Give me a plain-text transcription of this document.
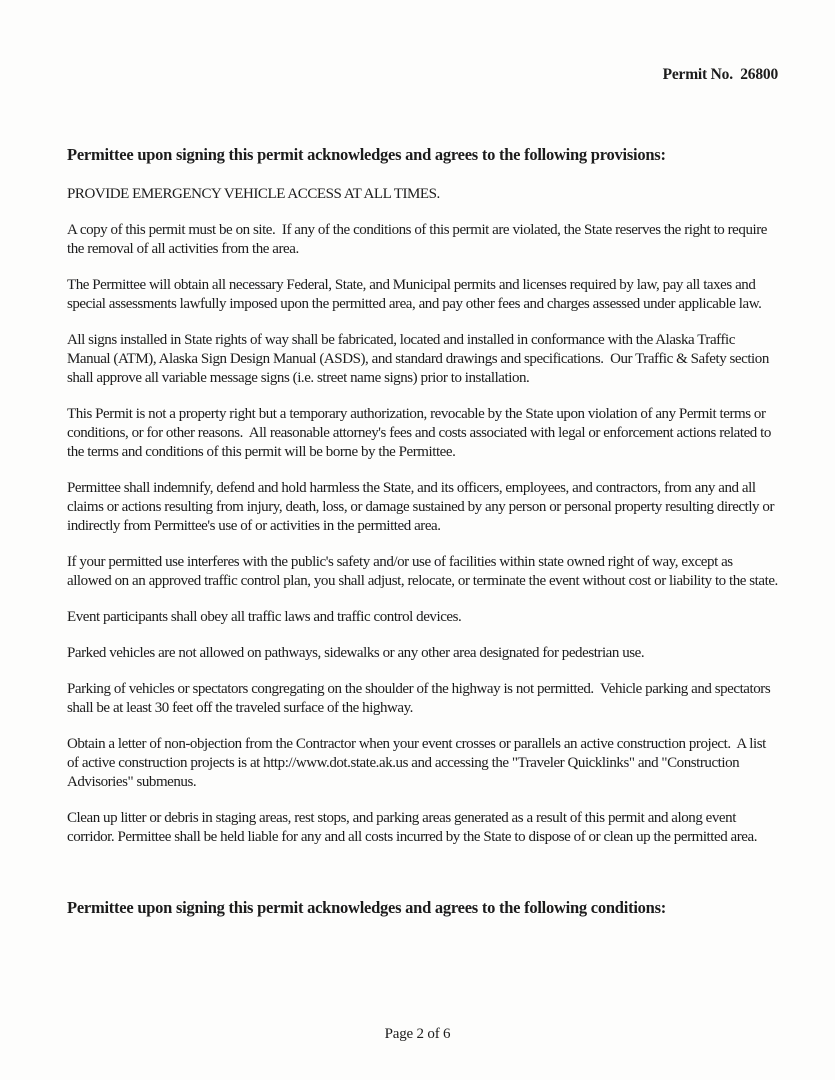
Permit No.  26800
Permittee upon signing this permit acknowledges and agrees to the following provisions:

PROVIDE EMERGENCY VEHICLE ACCESS AT ALL TIMES.

A copy of this permit must be on site.  If any of the conditions of this permit are violated, the State reserves the right to require the removal of all activities from the area.

The Permittee will obtain all necessary Federal, State, and Municipal permits and licenses required by law, pay all taxes and special assessments lawfully imposed upon the permitted area, and pay other fees and charges assessed under applicable law.

All signs installed in State rights of way shall be fabricated, located and installed in conformance with the Alaska Traffic Manual (ATM), Alaska Sign Design Manual (ASDS), and standard drawings and specifications.  Our Traffic & Safety section shall approve all variable message signs (i.e. street name signs) prior to installation.

This Permit is not a property right but a temporary authorization, revocable by the State upon violation of any Permit terms or conditions, or for other reasons.  All reasonable attorney's fees and costs associated with legal or enforcement actions related to the terms and conditions of this permit will be borne by the Permittee.

Permittee shall indemnify, defend and hold harmless the State, and its officers, employees, and contractors, from any and all claims or actions resulting from injury, death, loss, or damage sustained by any person or personal property resulting directly or indirectly from Permittee's use of or activities in the permitted area.

If your permitted use interferes with the public's safety and/or use of facilities within state owned right of way, except as allowed on an approved traffic control plan, you shall adjust, relocate, or terminate the event without cost or liability to the state.

Event participants shall obey all traffic laws and traffic control devices.

Parked vehicles are not allowed on pathways, sidewalks or any other area designated for pedestrian use.

Parking of vehicles or spectators congregating on the shoulder of the highway is not permitted.  Vehicle parking and spectators shall be at least 30 feet off the traveled surface of the highway.

Obtain a letter of non-objection from the Contractor when your event crosses or parallels an active construction project.  A list of active construction projects is at http://www.dot.state.ak.us and accessing the "Traveler Quicklinks" and "Construction Advisories" submenus.

Clean up litter or debris in staging areas, rest stops, and parking areas generated as a result of this permit and along event corridor. Permittee shall be held liable for any and all costs incurred by the State to dispose of or clean up the permitted area.

Permittee upon signing this permit acknowledges and agrees to the following conditions:
Page 2 of 6
